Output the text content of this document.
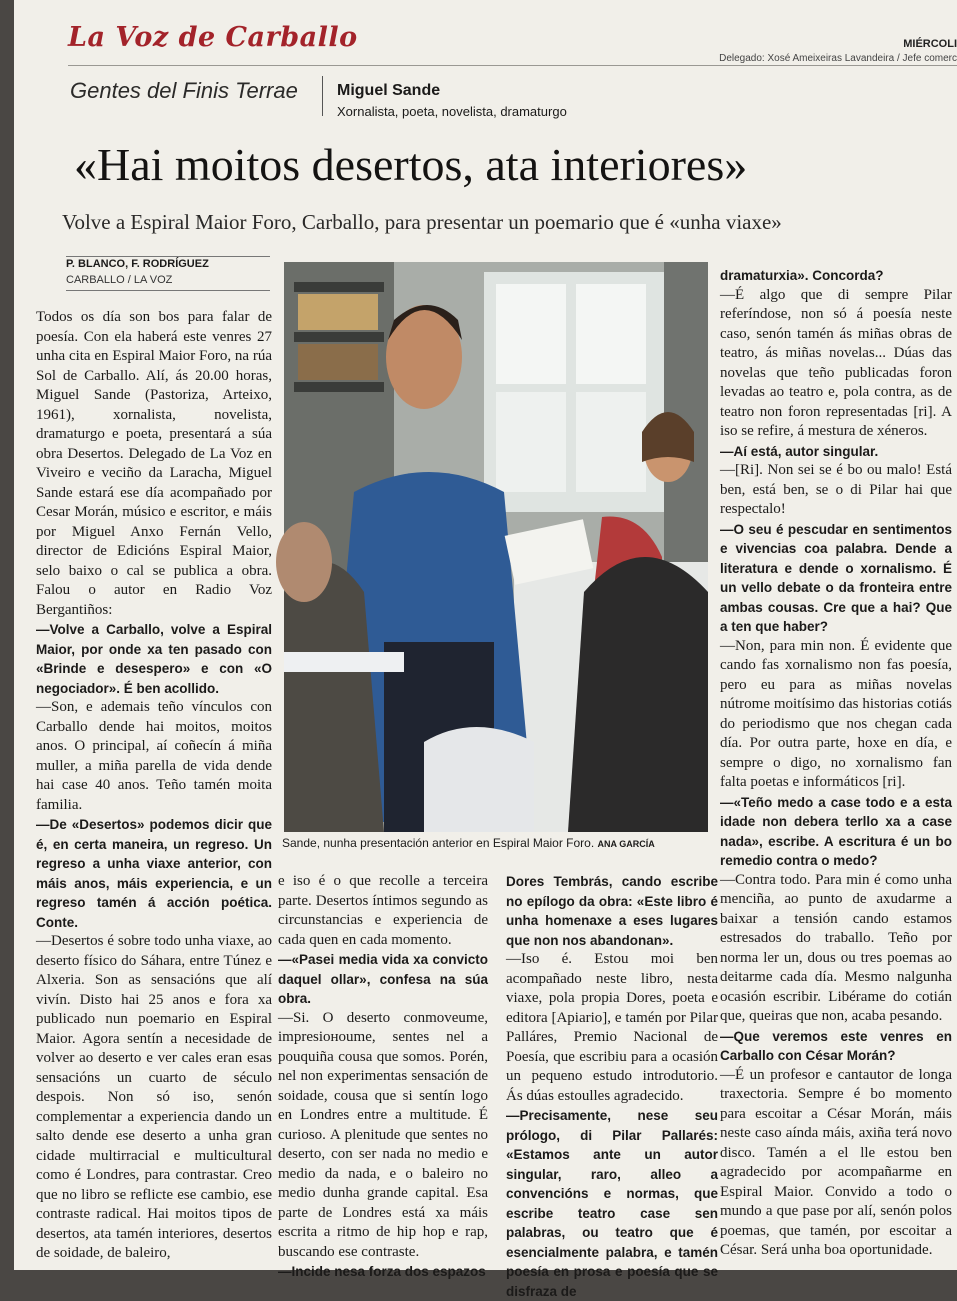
La Voz de Carballo	MIÉRCOLI
Delegado: Xosé Ameixeiras Lavandeira / Jefe comerc
Gentes del Finis Terrae Miguel Sande
Xornalista, poeta, novelista, dramaturgo
«Hai moitos desertos, ata interiores»
Volve a Espiral Maior Foro, Carballo, para presentar un poemario que é «unha viaxe»
P. BLANCO, F. RODRÍGUEZ
CARBALLO / LA VOZ

Todos os día son bos para falar de poesía. Con ela haberá este venres 27 unha cita en Espiral Maior Foro, na rúa Sol de Carballo. Alí, ás 20.00 horas, Miguel Sande (Pastoriza, Arteixo, 1961), xornalista, novelista, dramaturgo e poeta, presentará a súa obra Desertos. Delegado de La Voz en Viveiro e veciño da Laracha, Miguel Sande estará ese día acompañado por Cesar Morán, músico e escritor, e máis por Miguel Anxo Fernán Vello, director de Edicións Espiral Maior, selo baixo o cal se publica a obra. Falou o autor en Radio Voz Bergantiños:

—Volve a Carballo, volve a Espiral Maior, por onde xa ten pasado con «Brinde e desespero» e con «O negociador». É ben acollido.

—Son, e ademais teño vínculos con Carballo dende hai moitos, moitos anos. O principal, aí coñecín á miña muller, a miña parella de vida dende hai case 40 anos. Teño tamén moita familia.

—De «Desertos» podemos dicir que é, en certa maneira, un regreso. Un regreso a unha viaxe anterior, con máis anos, máis experiencia, e un regreso tamén á acción poética. Conte.

—Desertos é sobre todo unha viaxe, ao deserto físico do Sáhara, entre Túnez e Alxeria. Son as sensacións que alí vivín. Disto hai 25 anos e fora xa publicado nun poemario en Espiral Maior. Agora sentín a necesidade de volver ao deserto e ver cales eran esas sensacións un cuarto de século despois. Non só iso, senón complementar a experiencia dando un salto dende ese deserto a unha gran cidade multirracial e multicultural como é Londres, para contrastar. Creo que no libro se reflicte ese cambio, ese contraste radical. Hai moitos tipos de desertos, ata tamén interiores, desertos de soidade, de baleiro,

Sande, nunha presentación anterior en Espiral Maior Foro. ANA GARCÍA

e iso é o que recolle a terceira parte. Desertos íntimos segundo as circunstancias e experiencia de cada quen en cada momento.

—«Pasei media vida xa convicto daquel ollar», confesa na súa obra.

—Si. O deserto conmoveume, impresioноume, sentes nel a pouquiña cousa que somos. Porén, nel non experimentas sensación de soidade, cousa que si sentín logo en Londres entre a multitude. É curioso. A plenitude que sentes no deserto, con ser nada no medio e medio da nada, e o baleiro no medio dunha grande capital. Esa parte de Londres está xa máis escrita a ritmo de hip hop e rap, buscando ese contraste.

—Incide nesa forza dos espazos

Dores Tembrás, cando escribe no epílogo da obra: «Este libro é unha homenaxe a eses lugares que non nos abandonan».

—Iso é. Estou moi ben acompañado neste libro, nesta viaxe, pola propia Dores, poeta e editora [Apiario], e tamén por Pilar Palláres, Premio Nacional de Poesía, que escribiu para a ocasión un pequeno estudo introdutorio. Ás dúas estoulles agradecido.

—Precisamente, nese seu prólogo, di Pilar Pallarés: «Estamos ante un autor singular, raro, alleo a convencións e normas, que escribe teatro case sen palabras, ou teatro que é esencialmente palabra, e tamén poesía en prosa e poesía que se disfraza de

dramaturxia». Concorda?

—É algo que di sempre Pilar referíndose, non só á poesía neste caso, senón tamén ás miñas obras de teatro, ás miñas novelas... Dúas das novelas que teño publicadas foron levadas ao teatro e, pola contra, as de teatro non foron representadas [ri]. A iso se refire, á mestura de xéneros.

—Aí está, autor singular.

—[Ri]. Non sei se é bo ou malo! Está ben, está ben, se o di Pilar hai que respectalo!

—O seu é pescudar en sentimentos e vivencias coa palabra. Dende a literatura e dende o xornalismo. É un vello debate o da fronteira entre ambas cousas. Cre que a hai? Que a ten que haber?

—Non, para min non. É evidente que cando fas xornalismo non fas poesía, pero eu para as miñas novelas nútrome moitísimo das historias cotiás do periodismo que nos chegan cada día. Por outra parte, hoxe en día, e sempre o digo, no xornalismo fan falta poetas e informáticos [ri].

—«Teño medo a case todo e a esta idade non debera terllo xa a case nada», escribe. A escritura é un bo remedio contra o medo?

—Contra todo. Para min é como unha menciña, ao punto de axudarme a baixar a tensión cando estamos estresados do traballo. Teño por norma ler un, dous ou tres poemas ao deitarme cada día. Mesmo nalgunha ocasión escribir. Libérame do cotián que, queiras que non, acaba pesando.

—Que veremos este venres en Carballo con César Morán?

—É un profesor e cantautor de longa traxectoria. Sempre é bo momento para escoitar a César Morán, máis neste caso aínda máis, axiña terá novo disco. Tamén a el lle estou ben agradecido por acompañarme en Espiral Maior. Convido a todo o mundo a que pase por alí, senón polos poemas, que tamén, por escoitar a César. Será unha boa oportunidade.
